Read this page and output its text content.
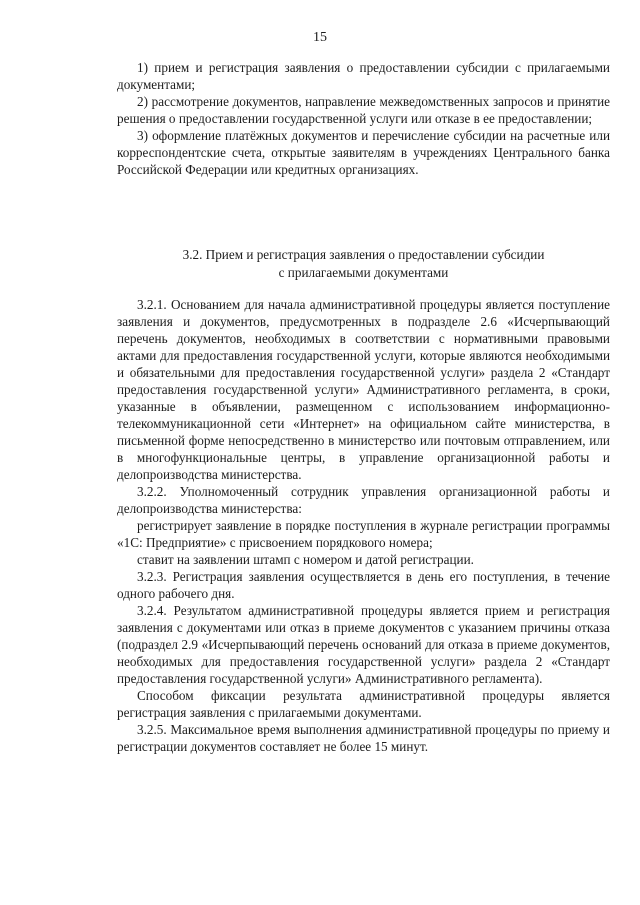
15

1) прием и регистрация заявления о предоставлении субсидии с прилагаемыми документами;

2) рассмотрение документов, направление межведомственных запросов и принятие решения о предоставлении государственной услуги или отказе в ее предоставлении;

3) оформление платёжных документов и перечисление субсидии на расчетные или корреспондентские счета, открытые заявителям в учреждениях Центрального банка Российской Федерации или кредитных организациях.

3.2. Прием и регистрация заявления о предоставлении субсидии
с прилагаемыми документами

3.2.1. Основанием для начала административной процедуры является поступление заявления и документов, предусмотренных в подразделе 2.6 «Исчерпывающий перечень документов, необходимых в соответствии с нормативными правовыми актами для предоставления государственной услуги, которые являются необходимыми и обязательными для предоставления государственной услуги» раздела 2 «Стандарт предоставления государственной услуги» Административного регламента, в сроки, указанные в объявлении, размещенном с использованием информационно-телекоммуникационной сети «Интернет» на официальном сайте министерства, в письменной форме непосредственно в министерство или почтовым отправлением, или в многофункциональные центры, в управление организационной работы и делопроизводства министерства.

3.2.2. Уполномоченный сотрудник управления организационной работы и делопроизводства министерства:

регистрирует заявление в порядке поступления в журнале регистрации программы «1С: Предприятие» с присвоением порядкового номера;

ставит на заявлении штамп с номером и датой регистрации.

3.2.3. Регистрация заявления осуществляется в день его поступления, в течение одного рабочего дня.

3.2.4. Результатом административной процедуры является прием и регистрация заявления с документами или отказ в приеме документов с указанием причины отказа (подраздел 2.9 «Исчерпывающий перечень оснований для отказа в приеме документов, необходимых для предоставления государственной услуги» раздела 2 «Стандарт предоставления государственной услуги» Административного регламента).

Способом фиксации результата административной процедуры является регистрация заявления с прилагаемыми документами.

3.2.5. Максимальное время выполнения административной процедуры по приему и регистрации документов составляет не более 15 минут.
